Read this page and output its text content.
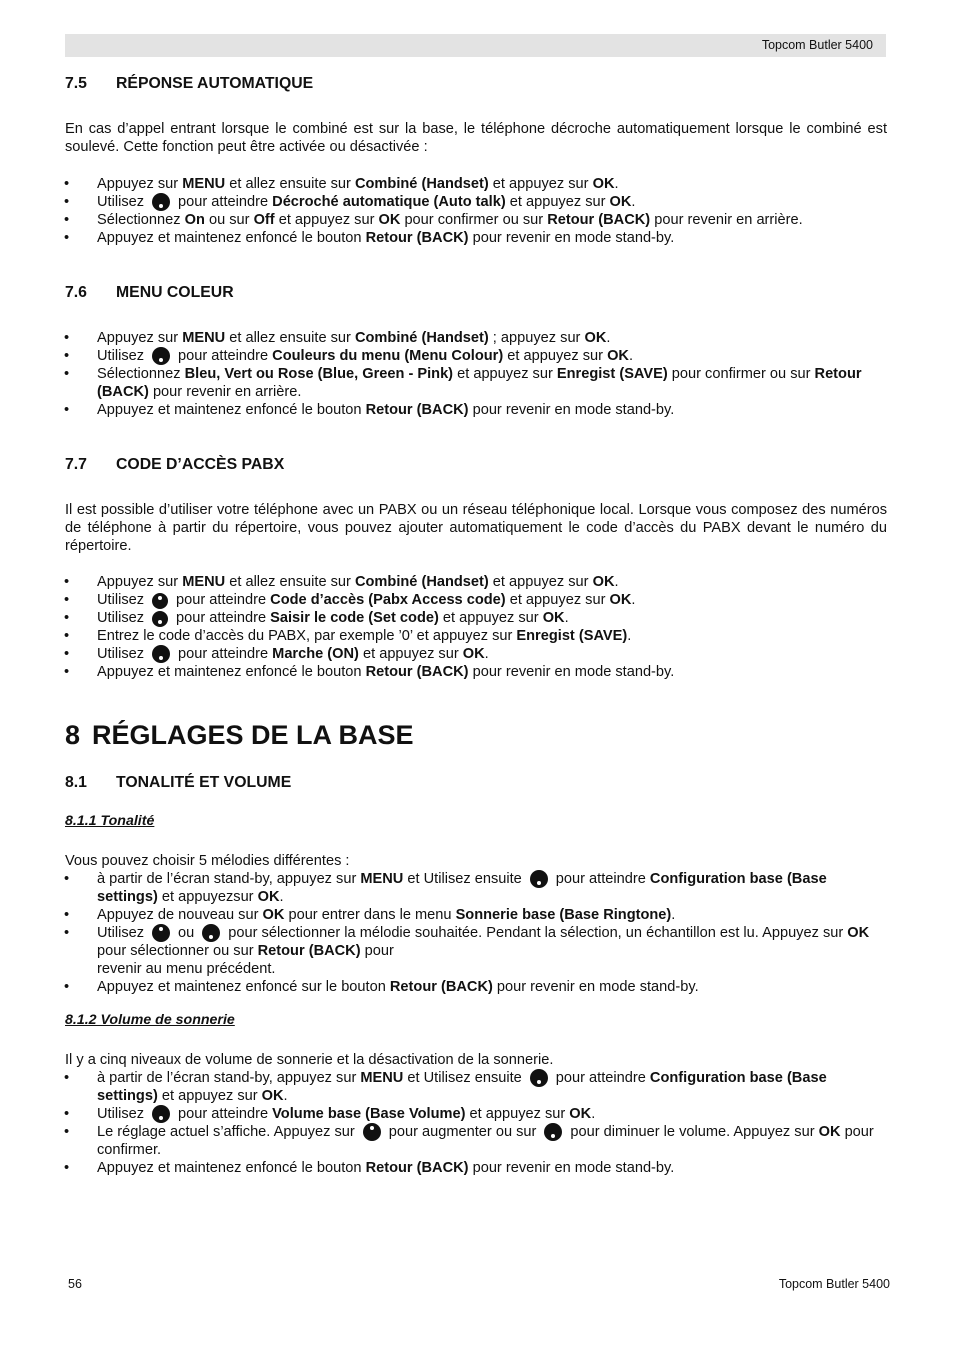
Topcom Butler 5400
7.5 RÉPONSE AUTOMATIQUE
En cas d’appel entrant lorsque le combiné est sur la base, le téléphone décroche automatiquement lorsque le combiné est soulevé. Cette fonction peut être activée ou désactivée :
• Appuyez sur MENU et allez ensuite sur Combiné (Handset) et appuyez sur OK.
• Utilisez pour atteindre Décroché automatique (Auto talk) et appuyez sur OK.
• Sélectionnez On ou sur Off et appuyez sur OK pour confirmer ou sur Retour (BACK) pour revenir en arrière.
• Appuyez et maintenez enfoncé le bouton Retour (BACK) pour revenir en mode stand-by.
7.6 MENU COLEUR
• Appuyez sur MENU et allez ensuite sur Combiné (Handset) ; appuyez sur OK.
• Utilisez pour atteindre Couleurs du menu (Menu Colour) et appuyez sur OK.
• Sélectionnez Bleu, Vert ou Rose (Blue, Green - Pink) et appuyez sur Enregist (SAVE) pour confirmer ou sur Retour (BACK) pour revenir en arrière.
• Appuyez et maintenez enfoncé le bouton Retour (BACK) pour revenir en mode stand-by.
7.7 CODE D’ACCÈS PABX
Il est possible d’utiliser votre téléphone avec un PABX ou un réseau téléphonique local. Lorsque vous composez des numéros de téléphone à partir du répertoire, vous pouvez ajouter automatiquement le code d’accès du PABX devant le numéro du répertoire.
• Appuyez sur MENU et allez ensuite sur Combiné (Handset) et appuyez sur OK.
• Utilisez pour atteindre Code d’accès (Pabx Access code) et appuyez sur OK.
• Utilisez pour atteindre Saisir le code (Set code) et appuyez sur OK.
• Entrez le code d’accès du PABX, par exemple ’0’ et appuyez sur Enregist (SAVE).
• Utilisez pour atteindre Marche (ON) et appuyez sur OK.
• Appuyez et maintenez enfoncé le bouton Retour (BACK) pour revenir en mode stand-by.
8 RÉGLAGES DE LA BASE
8.1 TONALITÉ ET VOLUME
8.1.1 Tonalité
Vous pouvez choisir 5 mélodies différentes :
• à partir de l’écran stand-by, appuyez sur MENU et Utilisez ensuite pour atteindre Configuration base (Base settings) et appuyezsur OK.
• Appuyez de nouveau sur OK pour entrer dans le menu Sonnerie base (Base Ringtone).
• Utilisez ou pour sélectionner la mélodie souhaitée. Pendant la sélection, un échantillon est lu. Appuyez sur OK pour sélectionner ou sur Retour (BACK) pour
revenir au menu précédent.
• Appuyez et maintenez enfoncé sur le bouton Retour (BACK) pour revenir en mode stand-by.
8.1.2 Volume de sonnerie
Il y a cinq niveaux de volume de sonnerie et la désactivation de la sonnerie.
• à partir de l’écran stand-by, appuyez sur MENU et Utilisez ensuite pour atteindre Configuration base (Base settings) et appuyez sur OK.
• Utilisez pour atteindre Volume base (Base Volume) et appuyez sur OK.
• Le réglage actuel s’affiche. Appuyez sur pour augmenter ou sur pour diminuer le volume. Appuyez sur OK pour confirmer.
• Appuyez et maintenez enfoncé le bouton Retour (BACK) pour revenir en mode stand-by.
56	Topcom Butler 5400
